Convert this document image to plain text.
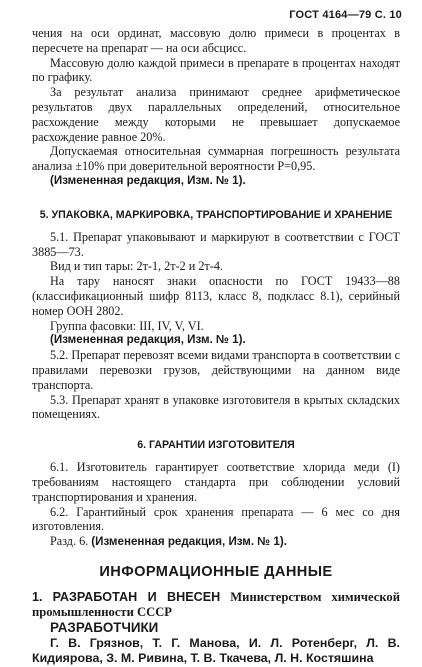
ГОСТ 4164—79 С. 10

чения на оси ординат, массовую долю примеси в процентах в пересчете на препарат — на оси абсцисс.

Массовую долю каждой примеси в препарате в процентах находят по графику.

За результат анализа принимают среднее арифметическое результатов двух параллельных определений, относительное расхождение между которыми не превышает допускаемое расхождение равное 20%.

Допускаемая относительная суммарная погрешность результата анализа ±10% при доверительной вероятности P=0,95.

(Измененная редакция, Изм. № 1).

5. УПАКОВКА, МАРКИРОВКА, ТРАНСПОРТИРОВАНИЕ И ХРАНЕНИЕ

5.1. Препарат упаковывают и маркируют в соответствии с ГОСТ 3885—73.

Вид и тип тары: 2т-1, 2т-2 и 2т-4.

На тару наносят знаки опасности по ГОСТ 19433—88 (классификационный шифр 8113, класс 8, подкласс 8.1), серийный номер ООН 2802.

Группа фасовки: III, IV, V, VI.

(Измененная редакция, Изм. № 1).

5.2. Препарат перевозят всеми видами транспорта в соответствии с правилами перевозки грузов, действующими на данном виде транспорта.

5.3. Препарат хранят в упаковке изготовителя в крытых складских помещениях.

6. ГАРАНТИИ ИЗГОТОВИТЕЛЯ

6.1. Изготовитель гарантирует соответствие хлорида меди (I) требованиям настоящего стандарта при соблюдении условий транспортирования и хранения.

6.2. Гарантийный срок хранения препарата — 6 мес со дня изготовления.

Разд. 6. (Измененная редакция, Изм. № 1).

ИНФОРМАЦИОННЫЕ ДАННЫЕ

1. РАЗРАБОТАН И ВНЕСЕН Министерством химической промышленности СССР

РАЗРАБОТЧИКИ

Г. В. Грязнов, Т. Г. Манова, И. Л. Ротенберг, Л. В. Кидиярова, З. М. Ривина, Т. В. Ткачева, Л. Н. Костяшина
